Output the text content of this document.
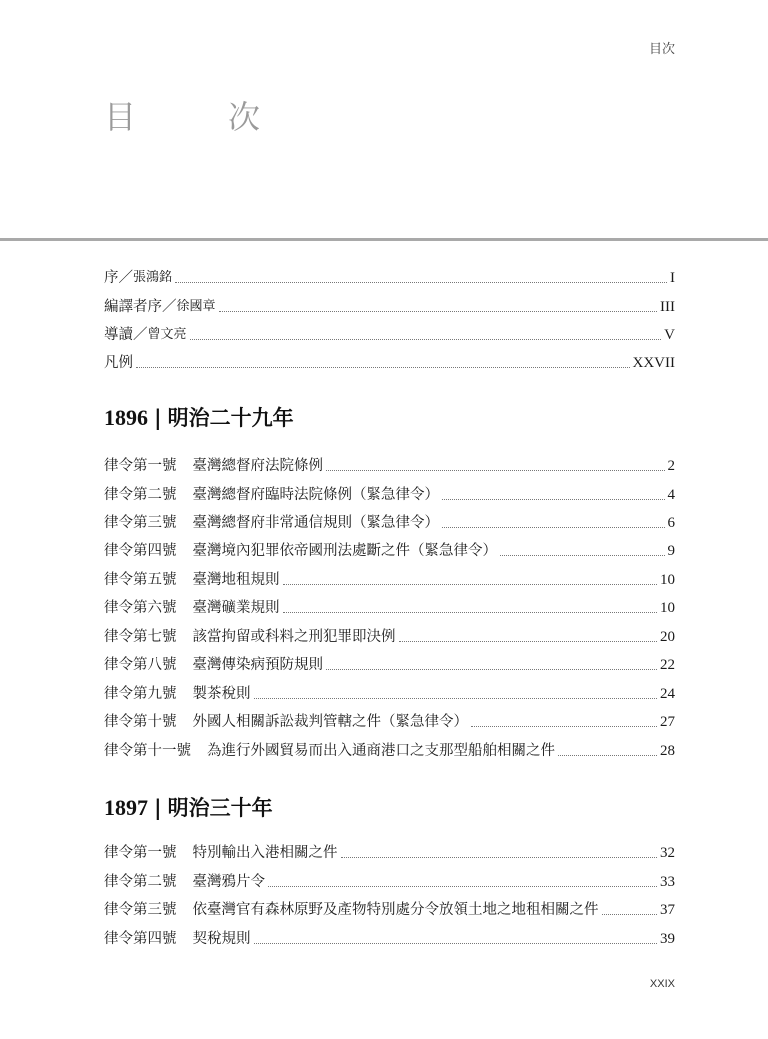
目次
目　次
序／ 張鴻銘	I
編譯者序／ 徐國章	III
導讀／ 曾文亮	V
凡例	XXVII
1896 | 明治二十九年
律令第一號 臺灣總督府法院條例	2
律令第二號 臺灣總督府臨時法院條例（緊急律令）	4
律令第三號 臺灣總督府非常通信規則（緊急律令）	6
律令第四號 臺灣境內犯罪依帝國刑法處斷之件（緊急律令）	9
律令第五號 臺灣地租規則	10
律令第六號 臺灣礦業規則	10
律令第七號 該當拘留或科料之刑犯罪即決例	20
律令第八號 臺灣傳染病預防規則	22
律令第九號 製茶稅則	24
律令第十號 外國人相關訴訟裁判管轄之件（緊急律令）	27
律令第十一號 為進行外國貿易而出入通商港口之支那型船舶相關之件	28
1897 | 明治三十年
律令第一號 特別輸出入港相關之件	32
律令第二號 臺灣鴉片令	33
律令第三號 依臺灣官有森林原野及產物特別處分令放領土地之地租相關之件	37
律令第四號 契稅規則	39
XXIX
